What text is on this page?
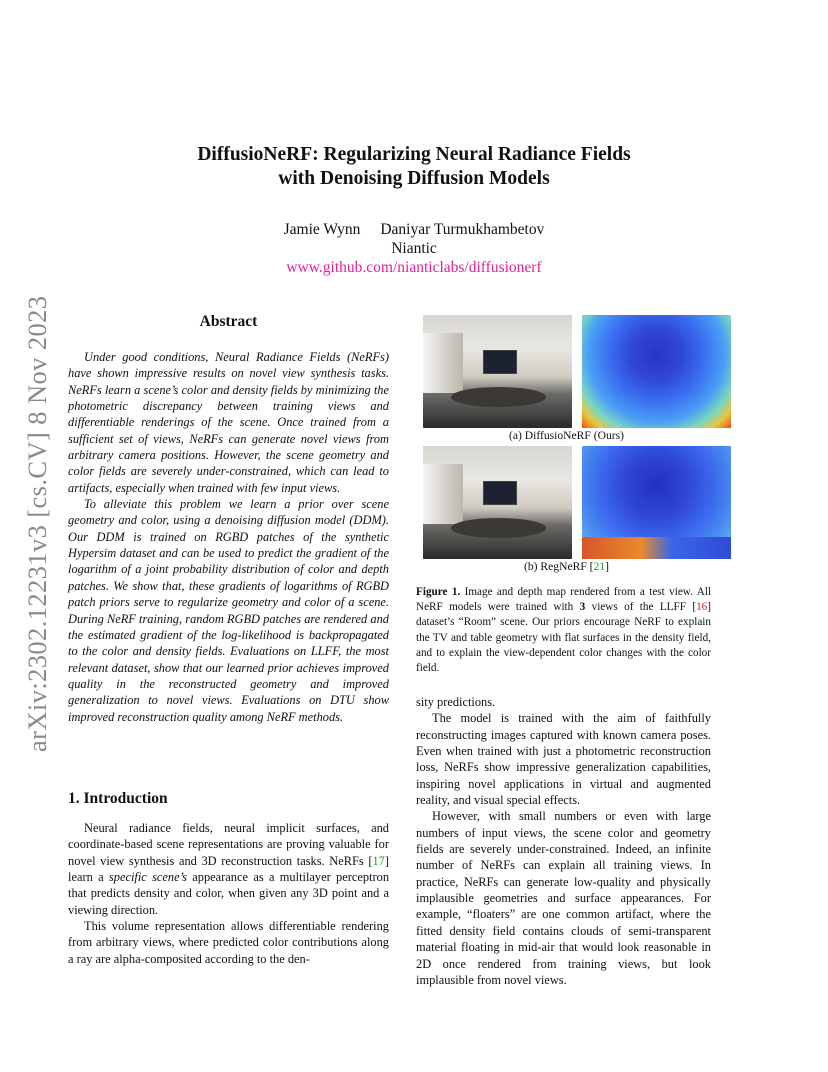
arXiv:2302.12231v3 [cs.CV] 8 Nov 2023
DiffusioNeRF: Regularizing Neural Radiance Fields
with Denoising Diffusion Models
Jamie Wynn Daniyar Turmukhambetov
Niantic
www.github.com/nianticlabs/diffusionerf
Abstract

Under good conditions, Neural Radiance Fields (NeRFs) have shown impressive results on novel view synthesis tasks. NeRFs learn a scene’s color and density fields by minimizing the photometric discrepancy between training views and differentiable renderings of the scene. Once trained from a sufficient set of views, NeRFs can generate novel views from arbitrary camera positions. However, the scene geometry and color fields are severely under-constrained, which can lead to artifacts, especially when trained with few input views.

To alleviate this problem we learn a prior over scene geometry and color, using a denoising diffusion model (DDM). Our DDM is trained on RGBD patches of the synthetic Hypersim dataset and can be used to predict the gradient of the logarithm of a joint probability distribution of color and depth patches. We show that, these gradients of logarithms of RGBD patch priors serve to regularize geometry and color of a scene. During NeRF training, random RGBD patches are rendered and the estimated gradient of the log-likelihood is backpropagated to the color and density fields. Evaluations on LLFF, the most relevant dataset, show that our learned prior achieves improved quality in the reconstructed geometry and improved generalization to novel views. Evaluations on DTU show improved reconstruction quality among NeRF methods.

1. Introduction

Neural radiance fields, neural implicit surfaces, and coordinate-based scene representations are proving valuable for novel view synthesis and 3D reconstruction tasks. NeRFs [17] learn a specific scene’s appearance as a multilayer perceptron that predicts density and color, when given any 3D point and a viewing direction.

This volume representation allows differentiable rendering from arbitrary views, where predicted color contributions along a ray are alpha-composited according to the den-

(a) DiffusioNeRF (Ours)
(b) RegNeRF [21]
Figure 1. Image and depth map rendered from a test view. All NeRF models were trained with 3 views of the LLFF [16] dataset’s “Room” scene. Our priors encourage NeRF to explain the TV and table geometry with flat surfaces in the density field, and to explain the view-dependent color changes with the color field.

sity predictions.

The model is trained with the aim of faithfully reconstructing images captured with known camera poses. Even when trained with just a photometric reconstruction loss, NeRFs show impressive generalization capabilities, inspiring novel applications in virtual and augmented reality, and visual special effects.

However, with small numbers or even with large numbers of input views, the scene color and geometry fields are severely under-constrained. Indeed, an infinite number of NeRFs can explain all training views. In practice, NeRFs can generate low-quality and physically implausible geometries and surface appearances. For example, “floaters” are one common artifact, where the fitted density field contains clouds of semi-transparent material floating in mid-air that would look reasonable in 2D once rendered from training views, but look implausible from novel views.
